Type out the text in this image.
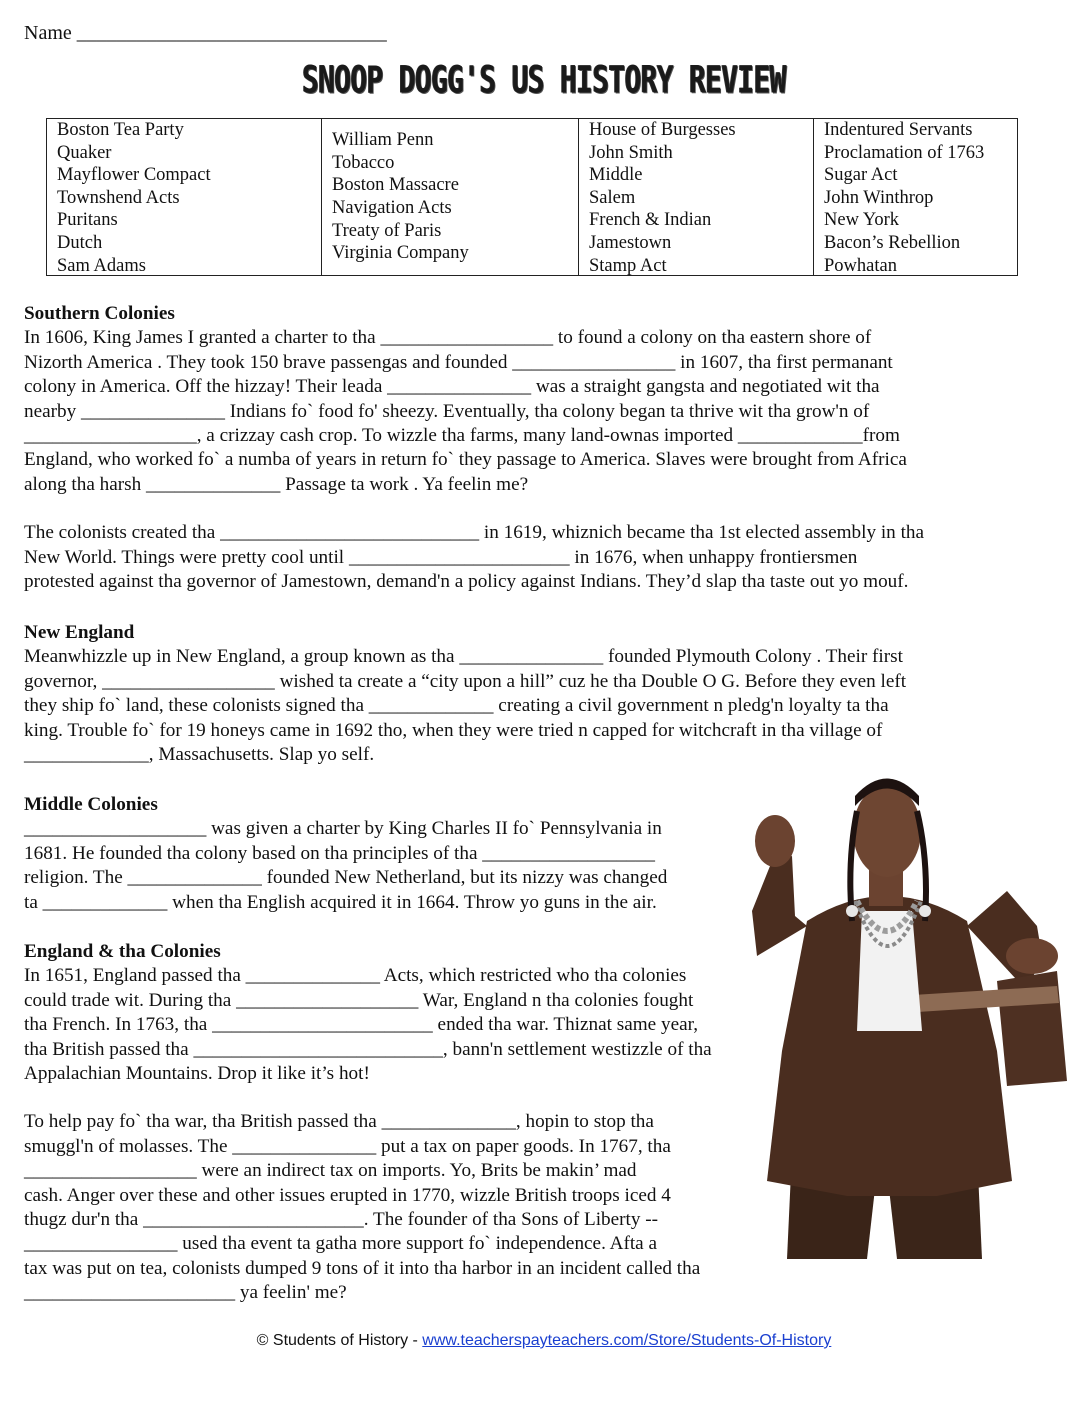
Name _______________________________
SNOOP DOGG'S US HISTORY REVIEW
Boston Tea Party
Quaker
Mayflower Compact
Townshend Acts
Puritans
Dutch
Sam Adams
William Penn
Tobacco
Boston Massacre
Navigation Acts
Treaty of Paris
Virginia Company
House of Burgesses
John Smith
Middle
Salem
French & Indian
Jamestown
Stamp Act
Indentured Servants
Proclamation of 1763
Sugar Act
John Winthrop
New York
Bacon’s Rebellion
Powhatan
Southern Colonies
In 1606, King James I granted a charter to tha __________________ to found a colony on tha eastern shore of
Nizorth America . They took 150 brave passengas and founded _________________ in 1607, tha first permanant
colony in America. Off the hizzay! Their leada _______________ was a straight gangsta and negotiated wit tha
nearby _______________ Indians fo` food fo' sheezy. Eventually, tha colony began ta thrive wit tha grow'n of
__________________, a crizzay cash crop. To wizzle tha farms, many land-ownas imported _____________from
England, who worked fo` a numba of years in return fo` they passage to America. Slaves were brought from Africa
along tha harsh ______________ Passage ta work . Ya feelin me?
The colonists created tha ___________________________ in 1619, whiznich became tha 1st elected assembly in tha
New World. Things were pretty cool until _______________________ in 1676, when unhappy frontiersmen
protested against tha governor of Jamestown, demand'n a policy against Indians. They’d slap tha taste out yo mouf.
New England
Meanwhizzle up in New England, a group known as tha _______________ founded Plymouth Colony . Their first
governor, __________________ wished ta create a “city upon a hill” cuz he tha Double O G. Before they even left
they ship fo` land, these colonists signed tha _____________ creating a civil government n pledg'n loyalty ta tha
king. Trouble fo` for 19 honeys came in 1692 tho, when they were tried n capped for witchcraft in tha village of
_____________, Massachusetts. Slap yo self.
Middle Colonies
___________________ was given a charter by King Charles II fo` Pennsylvania in
1681. He founded tha colony based on tha principles of tha __________________
religion. The ______________ founded New Netherland, but its nizzy was changed
ta _____________ when tha English acquired it in 1664. Throw yo guns in the air.
England & tha Colonies
In 1651, England passed tha ______________ Acts, which restricted who tha colonies
could trade wit. During tha ___________________ War, England n tha colonies fought
tha French. In 1763, tha _______________________ ended tha war. Thiznat same year,
tha British passed tha __________________________, bann'n settlement westizzle of tha
Appalachian Mountains. Drop it like it’s hot!
To help pay fo` tha war, tha British passed tha ______________, hopin to stop tha
smuggl'n of molasses. The _______________ put a tax on paper goods. In 1767, tha
__________________ were an indirect tax on imports. Yo, Brits be makin’ mad
cash. Anger over these and other issues erupted in 1770, wizzle British troops iced 4
thugz dur'n tha _______________________. The founder of tha Sons of Liberty --
________________ used tha event ta gatha more support fo` independence. Afta a
tax was put on tea, colonists dumped 9 tons of it into tha harbor in an incident called tha
______________________ ya feelin' me?
© Students of History - www.teacherspayteachers.com/Store/Students-Of-History
